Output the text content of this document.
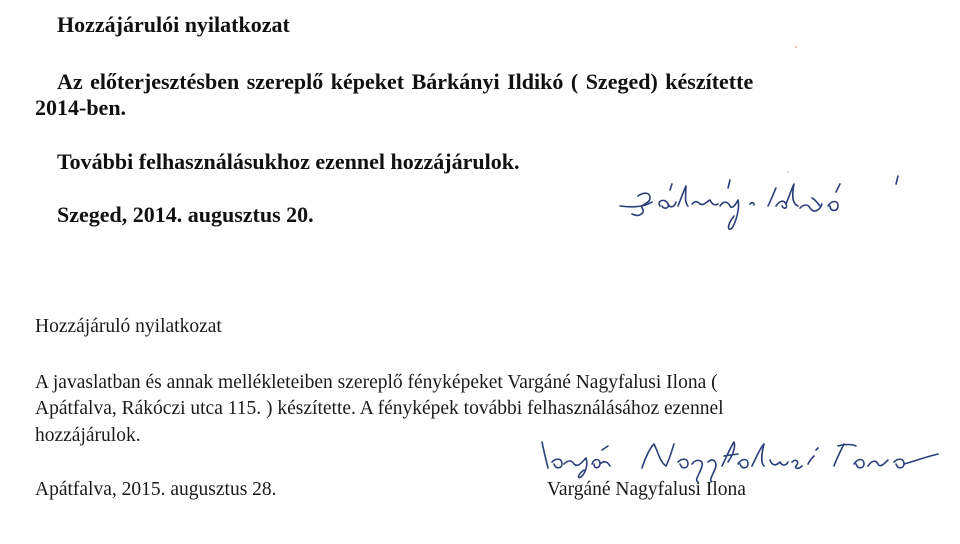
Hozzájárulói nyilatkozat

Az előterjesztésben szereplő képeket Bárkányi Ildikó ( Szeged) készítette

2014-ben.

További felhasználásukhoz ezennel hozzájárulok.

Szeged, 2014. augusztus 20.

Hozzájáruló nyilatkozat

A javaslatban és annak mellékleteiben szereplő fényképeket Vargáné Nagyfalusi Ilona (

Apátfalva, Rákóczi utca 115. ) készítette. A fényképek további felhasználásához ezennel

hozzájárulok.

Apátfalva, 2015. augusztus 28.	Vargáné Nagyfalusi Ilona
